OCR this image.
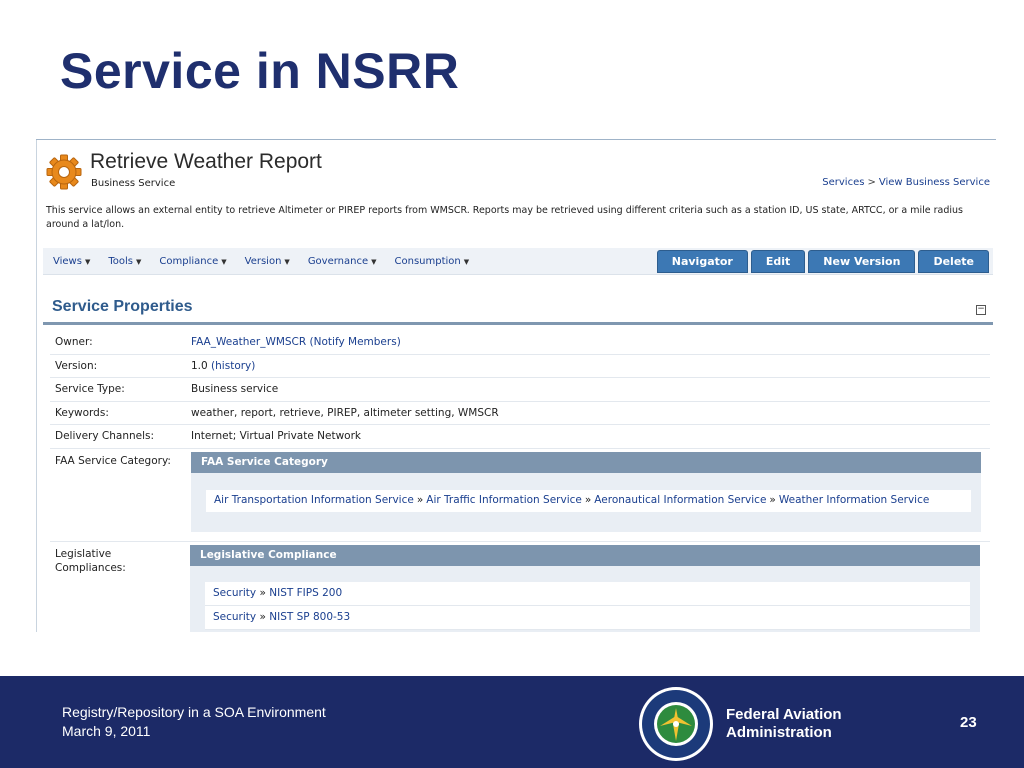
Service in NSRR
Retrieve Weather Report
Business Service	Services > View Business Service
This service allows an external entity to retrieve Altimeter or PIREP reports from WMSCR. Reports may be retrieved using different criteria such as a station ID, US state, ARTCC, or a mile radius around a lat/lon.
Views ▼ Tools ▼ Compliance ▼ Version ▼ Governance ▼ Consumption ▼	Navigator	Edit	New Version	Delete
Service Properties	−
Owner:	FAA_Weather_WMSCR (Notify Members)
Version:	1.0 (history)
Service Type:	Business service
Keywords:	weather, report, retrieve, PIREP, altimeter setting, WMSCR
Delivery Channels:	Internet; Virtual Private Network
FAA Service Category:	FAA Service Category
Air Transportation Information Service » Air Traffic Information Service » Aeronautical Information Service » Weather Information Service
Legislative Compliances:
Legislative Compliance
Security » NIST FIPS 200
Security » NIST SP 800-53
Registry/Repository in a SOA Environment
March 9, 2011
Federal Aviation
Administration
23
